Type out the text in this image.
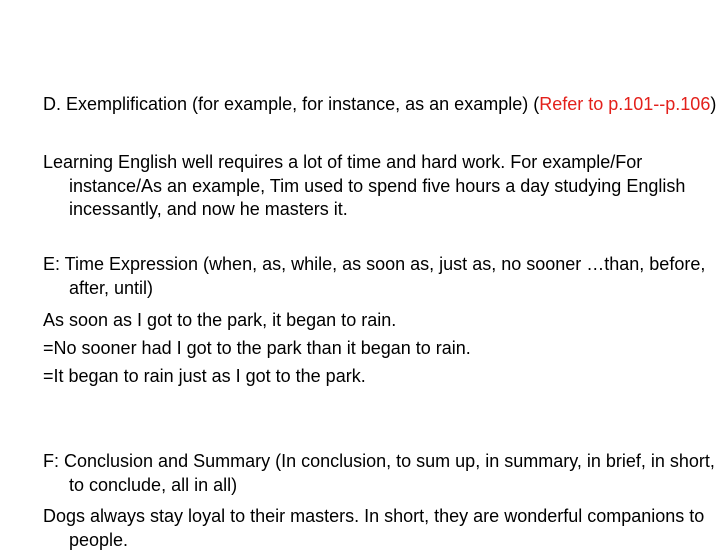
D. Exemplification (for example, for instance, as an example) (Refer to p.101--p.106)

Learning English well requires a lot of time and hard work. For example/For instance/As an example, Tim used to spend five hours a day studying English incessantly, and now he masters it.

E: Time Expression (when, as, while, as soon as, just as, no sooner …than, before, after, until)

As soon as I got to the park, it began to rain.

=No sooner had I got to the park than it began to rain.

=It began to rain just as I got to the park.

F: Conclusion and Summary (In conclusion, to sum up, in summary, in brief, in short, to conclude, all in all)

Dogs always stay loyal to their masters. In short, they are wonderful companions to people.
